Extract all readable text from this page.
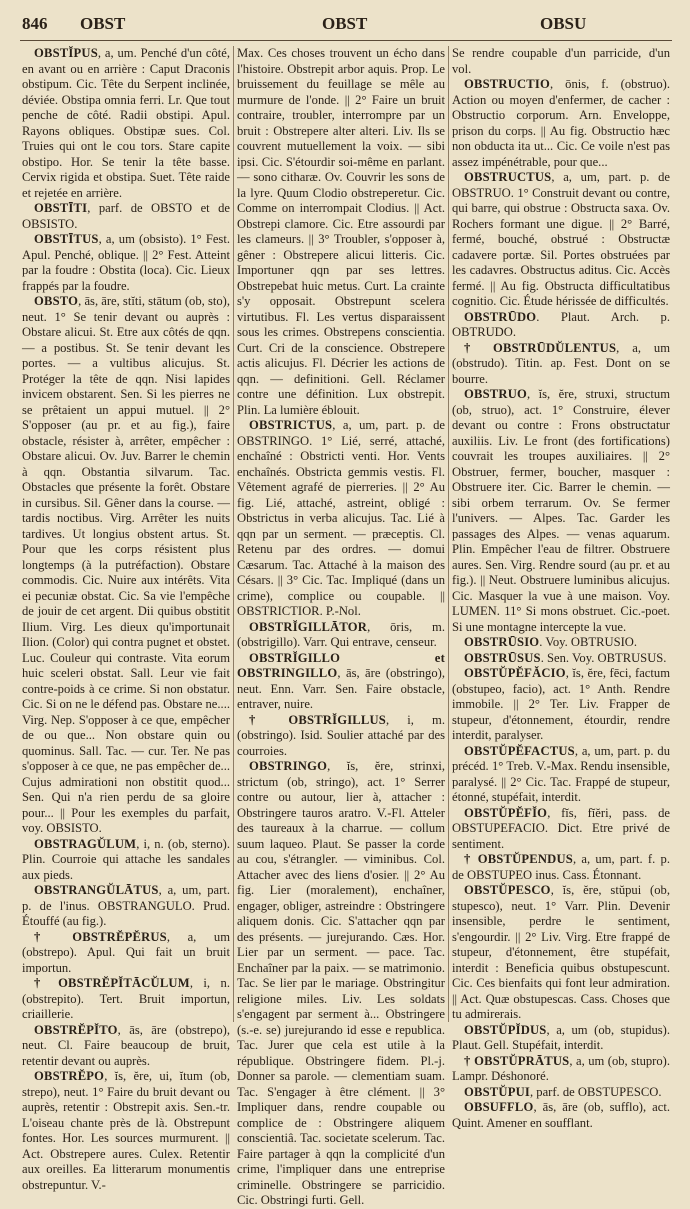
846 OBST	OBST	OBSU

OBSTĬPUS, a, um. Penché d'un côté, en avant ou en arrière : Caput Draconis obstipum. Cic. Tête du Serpent inclinée, déviée. Obstipa omnia ferri. Lr. Que tout penche de côté. Radii obstipi. Apul. Rayons obliques. Obstipæ sues. Col. Truies qui ont le cou tors. Stare capite obstipo. Hor. Se tenir la tête basse. Cervix rigida et obstipa. Suet. Tête raide et rejetée en arrière.

OBSTĪTI, parf. de OBSTO et de OBSISTO.

OBSTĪTUS, a, um (obsisto). 1° Fest. Apul. Penché, oblique. || 2° Fest. Atteint par la foudre : Obstita (loca). Cic. Lieux frappés par la foudre.

OBSTO, ās, āre, stĭti, stātum (ob, sto), neut. 1° Se tenir devant ou auprès : Obstare alicui. St. Etre aux côtés de qqn. — a postibus. St. Se tenir devant les portes. — a vultibus alicujus. St. Protéger la tête de qqn. Nisi lapides invicem obstarent. Sen. Si les pierres ne se prêtaient un appui mutuel. || 2° S'opposer (au pr. et au fig.), faire obstacle, résister à, arrêter, empêcher : Obstare alicui. Ov. Juv. Barrer le chemin à qqn. Obstantia silvarum. Tac. Obstacles que présente la forêt. Obstare in cursibus. Sil. Gêner dans la course. — tardis noctibus. Virg. Arrêter les nuits tardives. Ut longius obstent artus. St. Pour que les corps résistent plus longtemps (à la putréfaction). Obstare commodis. Cic. Nuire aux intérêts. Vita ei pecuniæ obstat. Cic. Sa vie l'empêche de jouir de cet argent. Dii quibus obstitit Ilium. Virg. Les dieux qu'importunait Ilion. (Color) qui contra pugnet et obstet. Luc. Couleur qui contraste. Vita eorum huic sceleri obstat. Sall. Leur vie fait contre-poids à ce crime. Si non obstatur. Cic. Si on ne le défend pas. Obstare ne.... Virg. Nep. S'opposer à ce que, empêcher de ou que... Non obstare quin ou quominus. Sall. Tac. — cur. Ter. Ne pas s'opposer à ce que, ne pas empêcher de... Cujus admirationi non obstitit quod... Sen. Qui n'a rien perdu de sa gloire pour... || Pour les exemples du parfait, voy. OBSISTO.

OBSTRAGŬLUM, i, n. (ob, sterno). Plin. Courroie qui attache les sandales aux pieds.

OBSTRANGŬLĀTUS, a, um, part. p. de l'inus. OBSTRANGULO. Prud. Étouffé (au fig.).

† OBSTRĔPĔRUS, a, um (obstrepo). Apul. Qui fait un bruit importun.

† OBSTRĔPĬTĀCŬLUM, i, n. (obstrepito). Tert. Bruit importun, criaillerie.

OBSTRĔPĬTO, ās, āre (obstrepo), neut. Cl. Faire beaucoup de bruit, retentir devant ou auprès.

OBSTRĔPO, ĭs, ĕre, ui, ĭtum (ob, strepo), neut. 1° Faire du bruit devant ou auprès, retentir : Obstrepit axis. Sen.-tr. L'oiseau chante près de là. Obstrepunt fontes. Hor. Les sources murmurent. || Act. Obstrepere aures. Culex. Retentir aux oreilles. Ea litterarum monumentis obstrepuntur. V.-

Max. Ces choses trouvent un écho dans l'histoire. Obstrepit arbor aquis. Prop. Le bruissement du feuillage se mêle au murmure de l'onde. || 2° Faire un bruit contraire, troubler, interrompre par un bruit : Obstrepere alter alteri. Liv. Ils se couvrent mutuellement la voix. — sibi ipsi. Cic. S'étourdir soi-même en parlant. — sono citharæ. Ov. Couvrir les sons de la lyre. Quum Clodio obstreperetur. Cic. Comme on interrompait Clodius. || Act. Obstrepi clamore. Cic. Etre assourdi par les clameurs. || 3° Troubler, s'opposer à, gêner : Obstrepere alicui litteris. Cic. Importuner qqn par ses lettres. Obstrepebat huic metus. Curt. La crainte s'y opposait. Obstrepunt scelera virtutibus. Fl. Les vertus disparaissent sous les crimes. Obstrepens conscientia. Curt. Cri de la conscience. Obstrepere actis alicujus. Fl. Décrier les actions de qqn. — definitioni. Gell. Réclamer contre une définition. Lux obstrepit. Plin. La lumière éblouit.

OBSTRICTUS, a, um, part. p. de OBSTRINGO. 1° Lié, serré, attaché, enchaîné : Obstricti venti. Hor. Vents enchaînés. Obstricta gemmis vestis. Fl. Vêtement agrafé de pierreries. || 2° Au fig. Lié, attaché, astreint, obligé : Obstrictus in verba alicujus. Tac. Lié à qqn par un serment. — præceptis. Cl. Retenu par des ordres. — domui Cæsarum. Tac. Attaché à la maison des Césars. || 3° Cic. Tac. Impliqué (dans un crime), complice ou coupable. || OBSTRICTIOR. P.-Nol.

OBSTRĬGILLĀTOR, ōris, m. (obstrigillo). Varr. Qui entrave, censeur.

OBSTRĬGILLO et OBSTRINGILLO, ās, āre (obstringo), neut. Enn. Varr. Sen. Faire obstacle, entraver, nuire.

† OBSTRĬGILLUS, i, m. (obstringo). Isid. Soulier attaché par des courroies.

OBSTRINGO, ĭs, ĕre, strinxi, strictum (ob, stringo), act. 1° Serrer contre ou autour, lier à, attacher : Obstringere tauros aratro. V.-Fl. Atteler des taureaux à la charrue. — collum suum laqueo. Plaut. Se passer la corde au cou, s'étrangler. — viminibus. Col. Attacher avec des liens d'osier. || 2° Au fig. Lier (moralement), enchaîner, engager, obliger, astreindre : Obstringere aliquem donis. Cic. S'attacher qqn par des présents. — jurejurando. Cæs. Hor. Lier par un serment. — pace. Tac. Enchaîner par la paix. — se matrimonio. Tac. Se lier par le mariage. Obstringitur religione miles. Liv. Les soldats s'engagent par serment à... Obstringere (s.-e. se) jurejurando id esse e republica. Tac. Jurer que cela est utile à la république. Obstringere fidem. Pl.-j. Donner sa parole. — clementiam suam. Tac. S'engager à être clément. || 3° Impliquer dans, rendre coupable ou complice de : Obstringere aliquem conscientiâ. Tac. societate scelerum. Tac. Faire partager à qqn la complicité d'un crime, l'impliquer dans une entreprise criminelle. Obstringere se parricidio. Cic. Obstringi furti. Gell.

Se rendre coupable d'un parricide, d'un vol.

OBSTRUCTIO, ōnis, f. (obstruo). Action ou moyen d'enfermer, de cacher : Obstructio corporum. Arn. Enveloppe, prison du corps. || Au fig. Obstructio hæc non obducta ita ut... Cic. Ce voile n'est pas assez impénétrable, pour que...

OBSTRUCTUS, a, um, part. p. de OBSTRUO. 1° Construit devant ou contre, qui barre, qui obstrue : Obstructa saxa. Ov. Rochers formant une digue. || 2° Barré, fermé, bouché, obstrué : Obstructæ cadavere portæ. Sil. Portes obstruées par les cadavres. Obstructus aditus. Cic. Accès fermé. || Au fig. Obstructa difficultatibus cognitio. Cic. Étude hérissée de difficultés.

OBSTRŪDO. Plaut. Arch. p. OBTRUDO.

† OBSTRŪDŬLENTUS, a, um (obstrudo). Titin. ap. Fest. Dont on se bourre.

OBSTRUO, ĭs, ĕre, struxi, structum (ob, struo), act. 1° Construire, élever devant ou contre : Frons obstructatur auxiliis. Liv. Le front (des fortifications) couvrait les troupes auxiliaires. || 2° Obstruer, fermer, boucher, masquer : Obstruere iter. Cic. Barrer le chemin. — sibi orbem terrarum. Ov. Se fermer l'univers. — Alpes. Tac. Garder les passages des Alpes. — venas aquarum. Plin. Empêcher l'eau de filtrer. Obstruere aures. Sen. Virg. Rendre sourd (au pr. et au fig.). || Neut. Obstruere luminibus alicujus. Cic. Masquer la vue à une maison. Voy. LUMEN. 11° Si mons obstruet. Cic.-poet. Si une montagne intercepte la vue.

OBSTRŪSIO. Voy. OBTRUSIO.

OBSTRŪSUS. Sen. Voy. OBTRUSUS.

OBSTŬPĔFĂCIO, ĭs, ĕre, fēci, factum (obstupeo, facio), act. 1° Anth. Rendre immobile. || 2° Ter. Liv. Frapper de stupeur, d'étonnement, étourdir, rendre interdit, paralyser.

OBSTŬPĔFACTUS, a, um, part. p. du précéd. 1° Treb. V.-Max. Rendu insensible, paralysé. || 2° Cic. Tac. Frappé de stupeur, étonné, stupéfait, interdit.

OBSTŬPĔFĬO, fĭs, fĭĕri, pass. de OBSTUPEFACIO. Dict. Etre privé de sentiment.

† OBSTŬPENDUS, a, um, part. f. p. de OBSTUPEO inus. Cass. Étonnant.

OBSTŬPESCO, ĭs, ĕre, stŭpui (ob, stupesco), neut. 1° Varr. Plin. Devenir insensible, perdre le sentiment, s'engourdir. || 2° Liv. Virg. Etre frappé de stupeur, d'étonnement, être stupéfait, interdit : Beneficia quibus obstupescunt. Cic. Ces bienfaits qui font leur admiration. || Act. Quæ obstupescas. Cass. Choses que tu admirerais.

OBSTŬPĬDUS, a, um (ob, stupidus). Plaut. Gell. Stupéfait, interdit.

† OBSTŬPRĀTUS, a, um (ob, stupro). Lampr. Déshonoré.

OBSTŬPUI, parf. de OBSTUPESCO.

OBSUFFLO, ās, āre (ob, sufflo), act. Quint. Amener en soufflant.
